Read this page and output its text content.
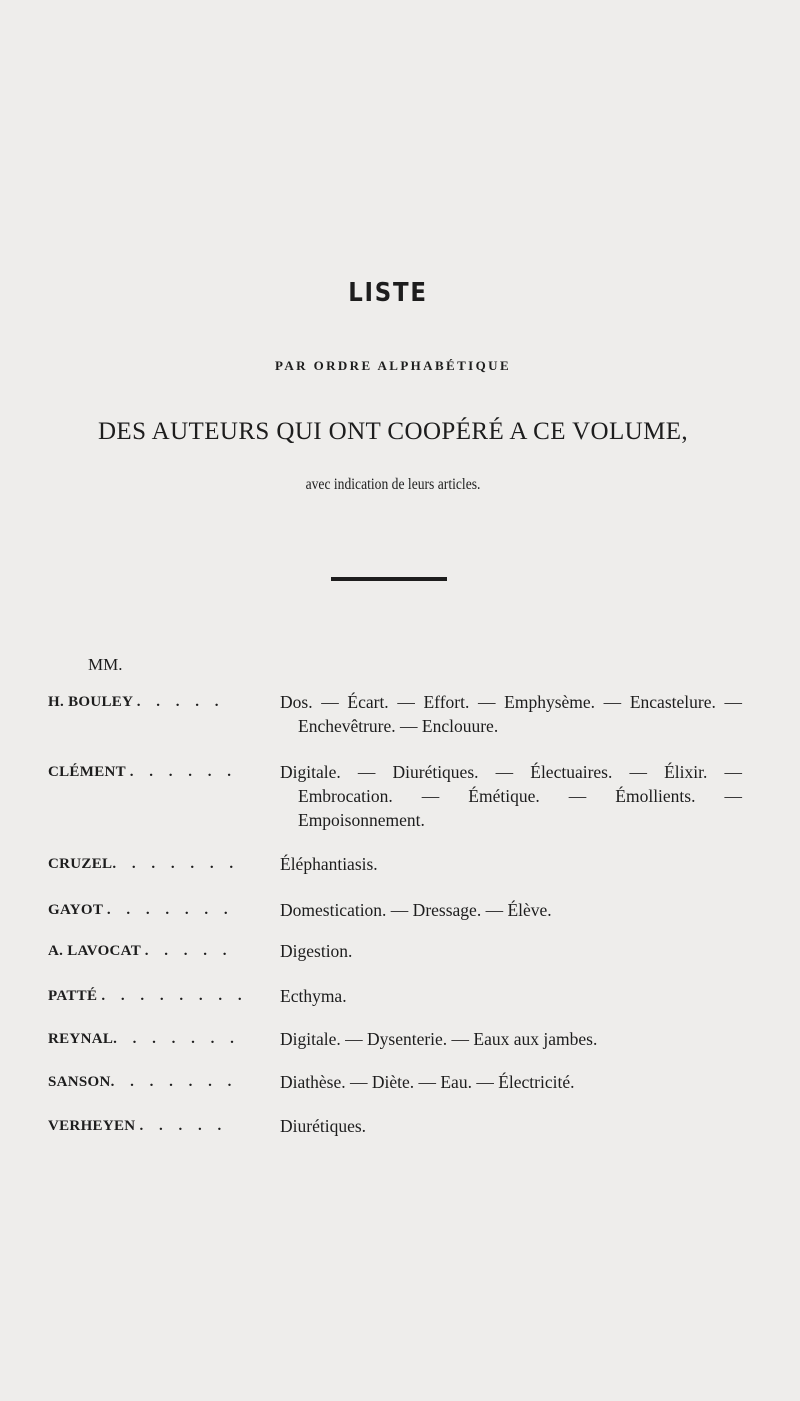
LISTE
PAR ORDRE ALPHABÉTIQUE
DES AUTEURS QUI ONT COOPÉRÉ A CE VOLUME,
avec indication de leurs articles.
MM.
H. BOULEY . . . . .	Dos. — Écart. — Effort. — Emphysème. — Encastelure. — Enchevêtrure. — Enclouure.
CLÉMENT . . . . . .	Digitale. — Diurétiques. — Électuaires. — Élixir. — Embrocation. — Émétique. — Émollients. — Empoisonnement.
CRUZEL. . . . . . .	Éléphantiasis.
GAYOT . . . . . . .	Domestication. — Dressage. — Élève.
A. LAVOCAT . . . . .	Digestion.
PATTÉ . . . . . . . .	Ecthyma.
REYNAL. . . . . . .	Digitale. — Dysenterie. — Eaux aux jambes.
SANSON. . . . . . .	Diathèse. — Diète. — Eau. — Électricité.
VERHEYEN . . . . .	Diurétiques.
